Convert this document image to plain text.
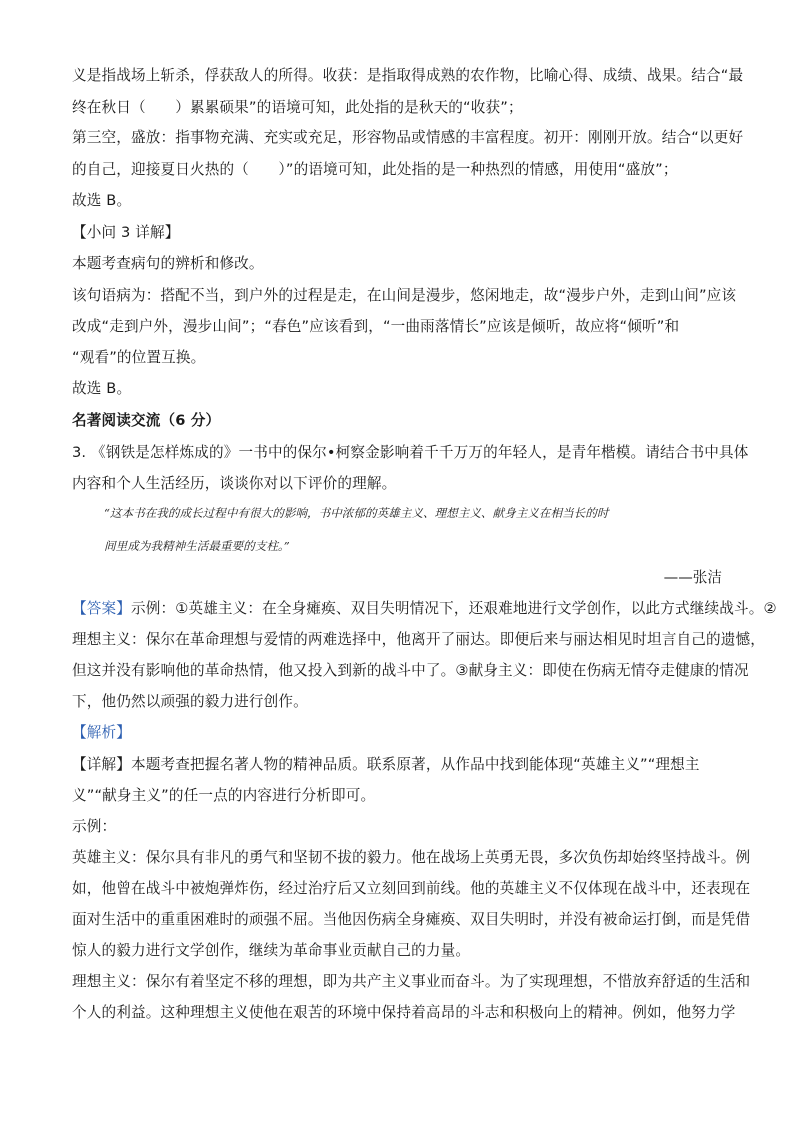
义是指战场上斩杀，俘获敌人的所得。收获：是指取得成熟的农作物，比喻心得、成绩、战果。结合“最
终在秋日（　　）累累硕果”的语境可知，此处指的是秋天的“收获”；
第三空，盛放：指事物充满、充实或充足，形容物品或情感的丰富程度。初开：刚刚开放。结合“以更好
的自己，迎接夏日火热的（　　）”的语境可知，此处指的是一种热烈的情感，用使用“盛放”；
故选 B。
【小问 3 详解】
本题考查病句的辨析和修改。
该句语病为：搭配不当，到户外的过程是走，在山间是漫步，悠闲地走，故“漫步户外，走到山间”应该
改成“走到户外，漫步山间”；“春色”应该看到，“一曲雨落情长”应该是倾听，故应将“倾听”和
“观看”的位置互换。
故选 B。
名著阅读交流（6 分）
3. 《钢铁是怎样炼成的》一书中的保尔•柯察金影响着千千万万的年轻人，是青年楷模。请结合书中具体
内容和个人生活经历，谈谈你对以下评价的理解。
“这本书在我的成长过程中有很大的影响，书中浓郁的英雄主义、理想主义、献身主义在相当长的时
间里成为我精神生活最重要的支柱。”
——张洁
【答案】示例：①英雄主义：在全身瘫痪、双目失明情况下，还艰难地进行文学创作，以此方式继续战斗。②
理想主义：保尔在革命理想与爱情的两难选择中，他离开了丽达。即便后来与丽达相见时坦言自己的遗憾，
但这并没有影响他的革命热情，他又投入到新的战斗中了。③献身主义：即使在伤病无情夺走健康的情况
下，他仍然以顽强的毅力进行创作。
【解析】
【详解】本题考查把握名著人物的精神品质。联系原著，从作品中找到能体现“英雄主义”“理想主
义”“献身主义”的任一点的内容进行分析即可。
示例：
英雄主义：保尔具有非凡的勇气和坚韧不拔的毅力。他在战场上英勇无畏，多次负伤却始终坚持战斗。例
如，他曾在战斗中被炮弹炸伤，经过治疗后又立刻回到前线。他的英雄主义不仅体现在战斗中，还表现在
面对生活中的重重困难时的顽强不屈。当他因伤病全身瘫痪、双目失明时，并没有被命运打倒，而是凭借
惊人的毅力进行文学创作，继续为革命事业贡献自己的力量。
理想主义：保尔有着坚定不移的理想，即为共产主义事业而奋斗。为了实现理想，不惜放弃舒适的生活和
个人的利益。这种理想主义使他在艰苦的环境中保持着高昂的斗志和积极向上的精神。例如，他努力学
